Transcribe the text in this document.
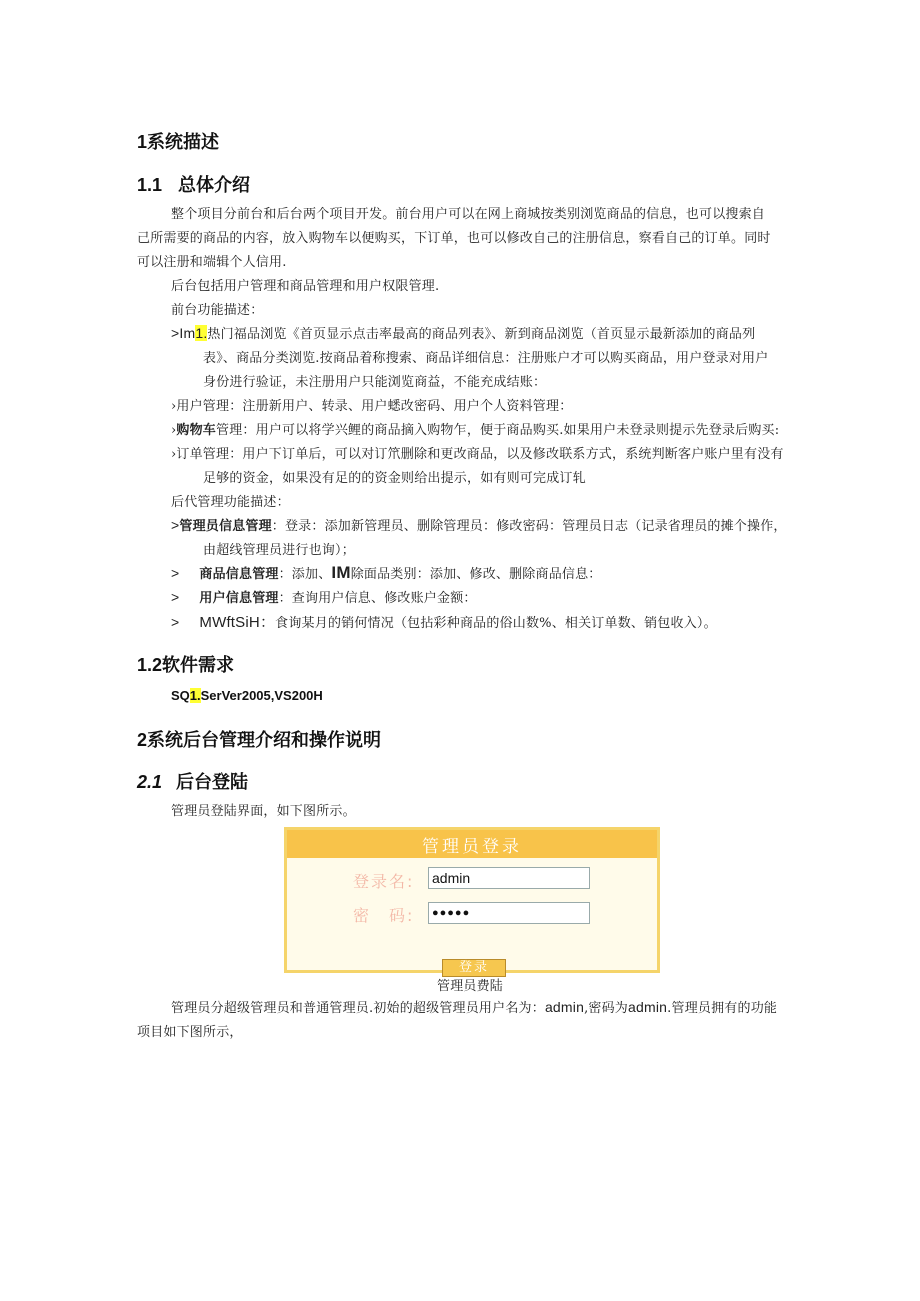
1系统描述
1.1 总体介绍
整个项目分前台和后台两个项目开发。前台用户可以在网上商城按类别浏览商品的信息，也可以搜索自
己所需要的商品的内容，放入购物车以便购买，下订单，也可以修改自己的注册信息，察看自己的订单。同时
可以注册和端辑个人信用.
后台包括用户管理和商品管理和用户权限管理.
前台功能描述：
>Im1.热门福品浏览《首页显示点击率最高的商品列表》、新到商品浏览（首页显示最新添加的商品列
表》、商品分类浏览.按商品着称搜索、商品详细信息：注册账户才可以购买商品，用户登录对用户
身份进行验证，未注册用户只能浏览商益，不能充成结账：
›用户管理：注册新用户、转录、用户蟋改密码、用户个人资料管理：
›购物车管理：用户可以将学兴鲤的商品摘入购物乍，便于商品购买.如果用户未登录则提示先登录后购买:
›订单管理：用户下订单后，可以对订笊删除和更改商品，以及修改联系方式，系统判断客户账户里有没有
足够的资金，如果没有足的的资金则给出提示，如有则可完成订轧
后代管理功能描述：
>管理员信息管理：登录：添加新管理员、删除管理员：修改密码：管理员日志（记录省理员的摊个操作，
由超线管理员进行也询）；
> 商品信息管理：添加、IM除面品类别：添加、修改、删除商品信息：
> 用户信息管理：查询用户信息、修改账户金额：
> MWftSiH：食询某月的销何情况（包拈彩种商品的俗山数%、相关订单数、销包收入）。
1.2软件需求
SQ1.SerVer2005,VS200H
2系统后台管理介绍和操作说明
2.1 后台登陆
管理员登陆界面，如下图所示。
管理员登录
登录名: admin
密　码:	●●●●●
登录
管理员费陆
管理员分超级管理员和普通管理员.初始的超级管理员用户名为：admin,密码为admin.管理员拥有的功能
项目如下图所示，
